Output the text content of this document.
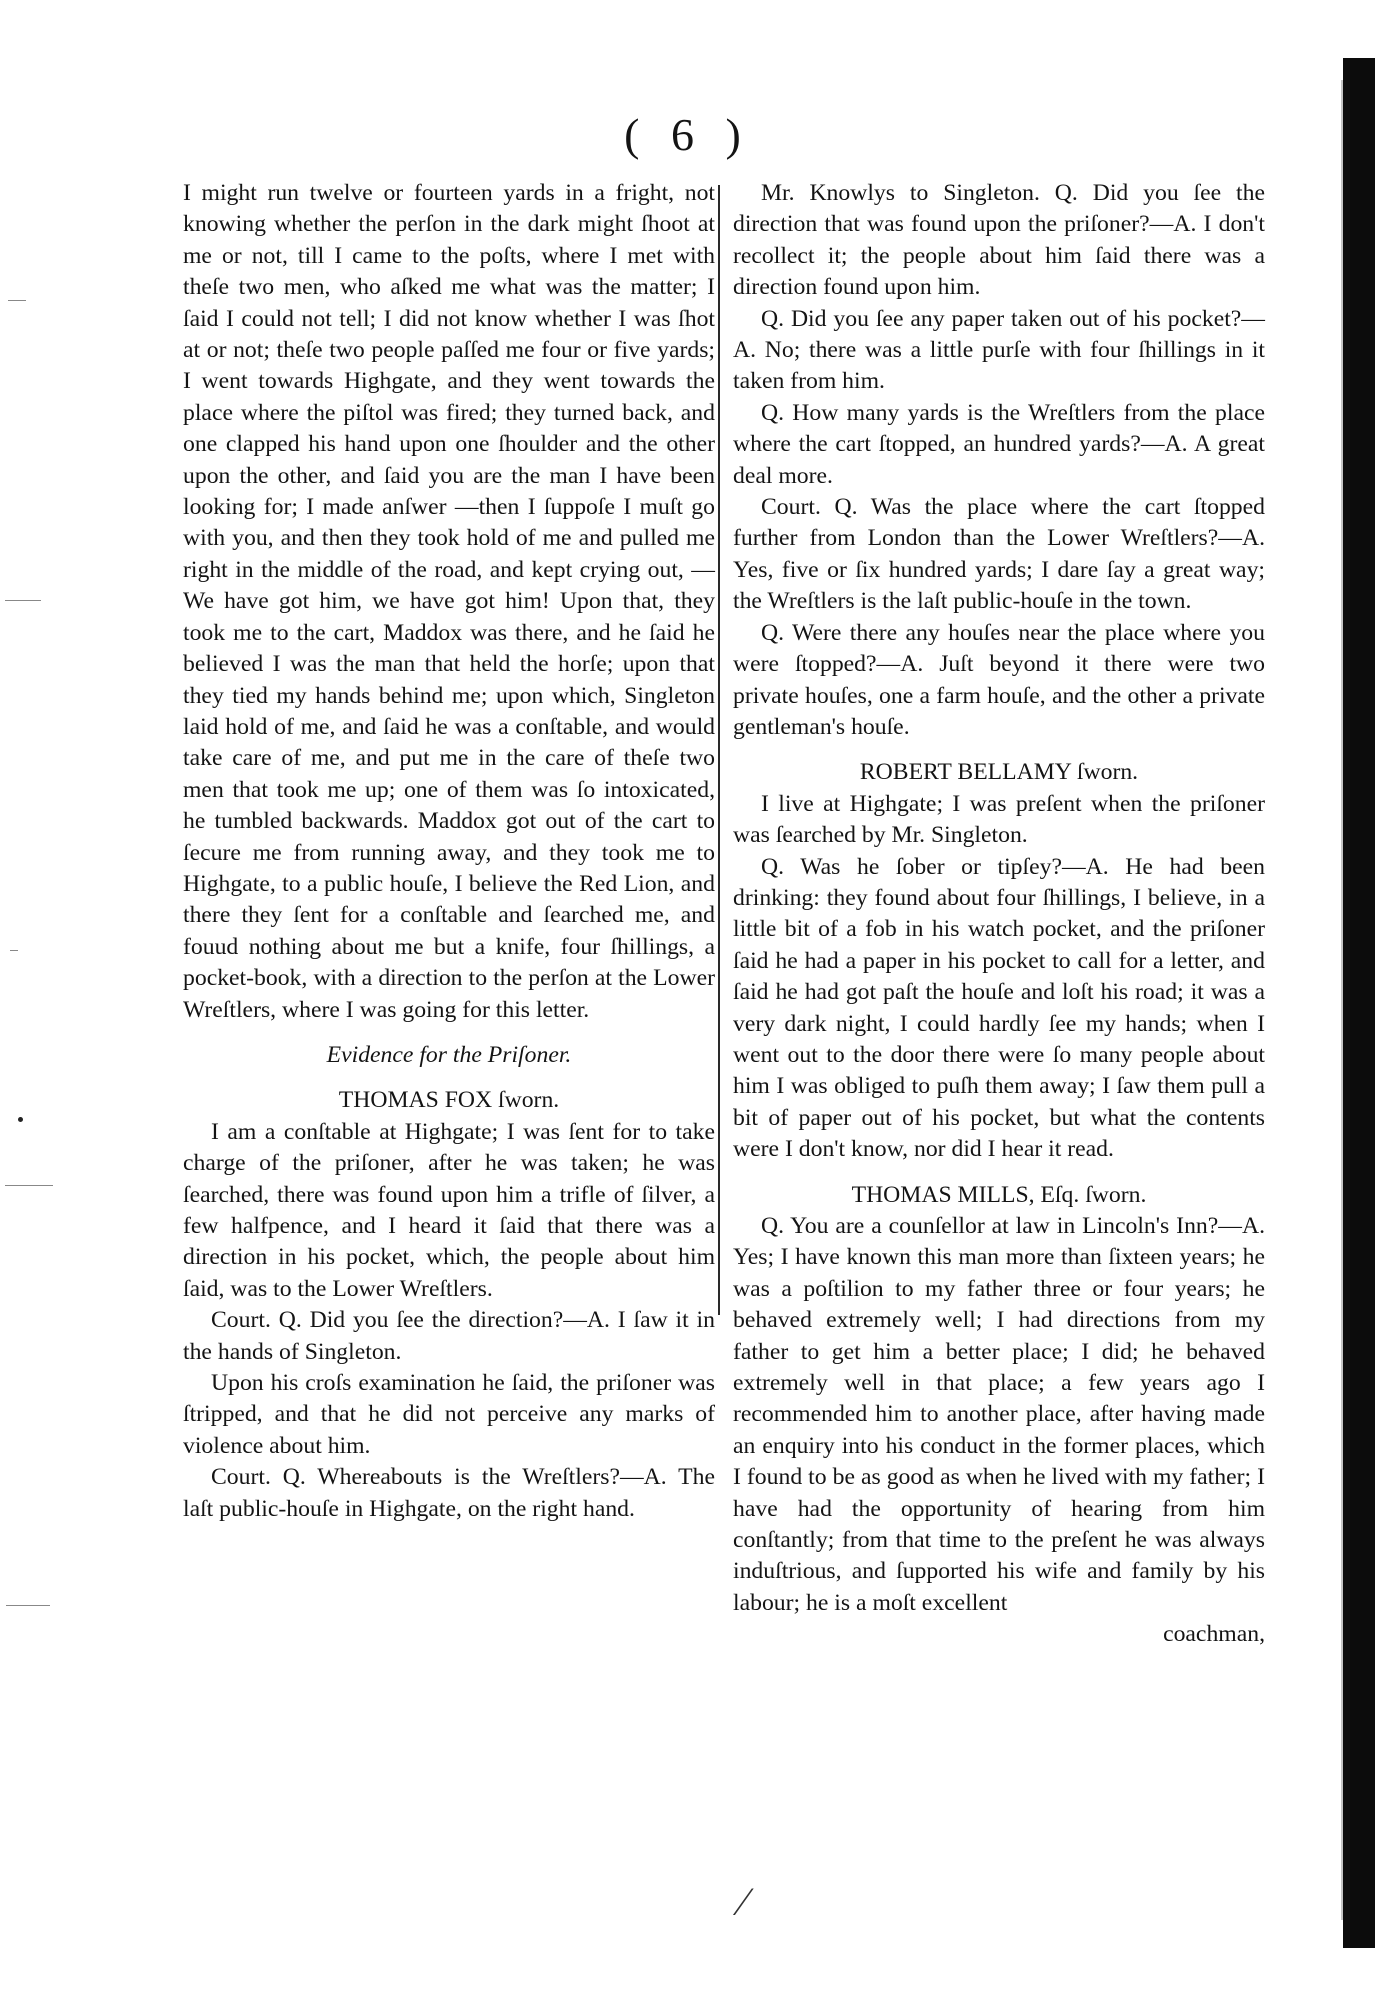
( 6 )

I might run twelve or fourteen yards in a fright, not knowing whether the perſon in the dark might ſhoot at me or not, till I came to the poſts, where I met with theſe two men, who aſked me what was the matter; I ſaid I could not tell; I did not know whether I was ſhot at or not; theſe two people paſſed me four or five yards; I went towards Highgate, and they went towards the place where the piſtol was fired; they turned back, and one clapped his hand upon one ſhoulder and the other upon the other, and ſaid you are the man I have been looking for; I made anſwer —then I ſuppoſe I muſt go with you, and then they took hold of me and pulled me right in the middle of the road, and kept crying out, —We have got him, we have got him! Upon that, they took me to the cart, Maddox was there, and he ſaid he believed I was the man that held the horſe; upon that they tied my hands behind me; upon which, Singleton laid hold of me, and ſaid he was a conſtable, and would take care of me, and put me in the care of theſe two men that took me up; one of them was ſo intoxicated, he tumbled backwards. Maddox got out of the cart to ſecure me from running away, and they took me to Highgate, to a public houſe, I believe the Red Lion, and there they ſent for a conſtable and ſearched me, and fouud nothing about me but a knife, four ſhillings, a pocket-book, with a direction to the perſon at the Lower Wreſtlers, where I was going for this letter.

Evidence for the Priſoner.
THOMAS FOX ſworn.

I am a conſtable at Highgate; I was ſent for to take charge of the priſoner, after he was taken; he was ſearched, there was found upon him a trifle of ſilver, a few halfpence, and I heard it ſaid that there was a direction in his pocket, which, the people about him ſaid, was to the Lower Wreſtlers.

Court. Q. Did you ſee the direction?—A. I ſaw it in the hands of Singleton.

Upon his croſs examination he ſaid, the priſoner was ſtripped, and that he did not perceive any marks of violence about him.

Court. Q. Whereabouts is the Wreſtlers?—A. The laſt public-houſe in Highgate, on the right hand.

Mr. Knowlys to Singleton. Q. Did you ſee the direction that was found upon the priſoner?—A. I don't recollect it; the people about him ſaid there was a direction found upon him.

Q. Did you ſee any paper taken out of his pocket?—A. No; there was a little purſe with four ſhillings in it taken from him.

Q. How many yards is the Wreſtlers from the place where the cart ſtopped, an hundred yards?—A. A great deal more.

Court. Q. Was the place where the cart ſtopped further from London than the Lower Wreſtlers?—A. Yes, five or ſix hundred yards; I dare ſay a great way; the Wreſtlers is the laſt public-houſe in the town.

Q. Were there any houſes near the place where you were ſtopped?—A. Juſt beyond it there were two private houſes, one a farm houſe, and the other a private gentleman's houſe.

ROBERT BELLAMY ſworn.

I live at Highgate; I was preſent when the priſoner was ſearched by Mr. Singleton.

Q. Was he ſober or tipſey?—A. He had been drinking: they found about four ſhillings, I believe, in a little bit of a fob in his watch pocket, and the priſoner ſaid he had a paper in his pocket to call for a letter, and ſaid he had got paſt the houſe and loſt his road; it was a very dark night, I could hardly ſee my hands; when I went out to the door there were ſo many people about him I was obliged to puſh them away; I ſaw them pull a bit of paper out of his pocket, but what the contents were I don't know, nor did I hear it read.

THOMAS MILLS, Eſq. ſworn.

Q. You are a counſellor at law in Lincoln's Inn?—A. Yes; I have known this man more than ſixteen years; he was a poſtilion to my father three or four years; he behaved extremely well; I had directions from my father to get him a better place; I did; he behaved extremely well in that place; a few years ago I recommended him to another place, after having made an enquiry into his conduct in the former places, which I found to be as good as when he lived with my father; I have had the opportunity of hearing from him conſtantly; from that time to the preſent he was always induſtrious, and ſupported his wife and family by his labour; he is a moſt excellent

coachman,
⁄
